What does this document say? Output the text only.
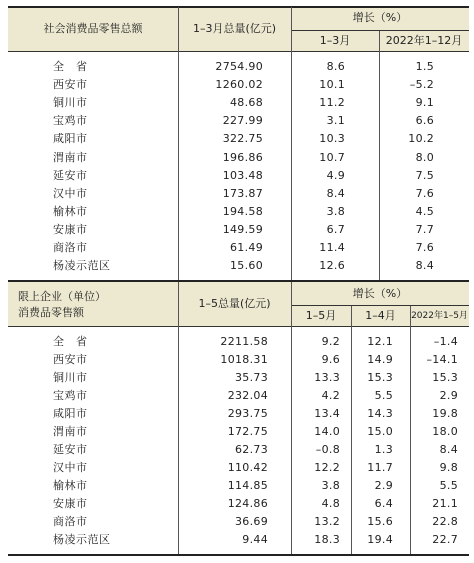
社会消费品零售总额	1–3月总量(亿元)
增长（%）
1–3月	2022年1–12月
全　省	2754.90	8.6	1.5
西安市	1260.02	10.1	–5.2
铜川市	48.68	11.2	9.1
宝鸡市	227.99	3.1	6.6
咸阳市	322.75	10.3	10.2
渭南市	196.86	10.7	8.0
延安市	103.48	4.9	7.5
汉中市	173.87	8.4	7.6
榆林市	194.58	3.8	4.5
安康市	149.59	6.7	7.7
商洛市	61.49	11.4	7.6
杨凌示范区	15.60	12.6	8.4
限上企业（单位）
消费品零售额
1–5总量(亿元)
增长（%）
1–5月	1–4月	2022年1–5月
全　省	2211.58	9.2	12.1	–1.4
西安市	1018.31	9.6	14.9	–14.1
铜川市	35.73	13.3	15.3	15.3
宝鸡市	232.04	4.2	5.5	2.9
咸阳市	293.75	13.4	14.3	19.8
渭南市	172.75	14.0	15.0	18.0
延安市	62.73	–0.8	1.3	8.4
汉中市	110.42	12.2	11.7	9.8
榆林市	114.85	3.8	2.9	5.5
安康市	124.86	4.8	6.4	21.1
商洛市	36.69	13.2	15.6	22.8
杨凌示范区	9.44	18.3	19.4	22.7
